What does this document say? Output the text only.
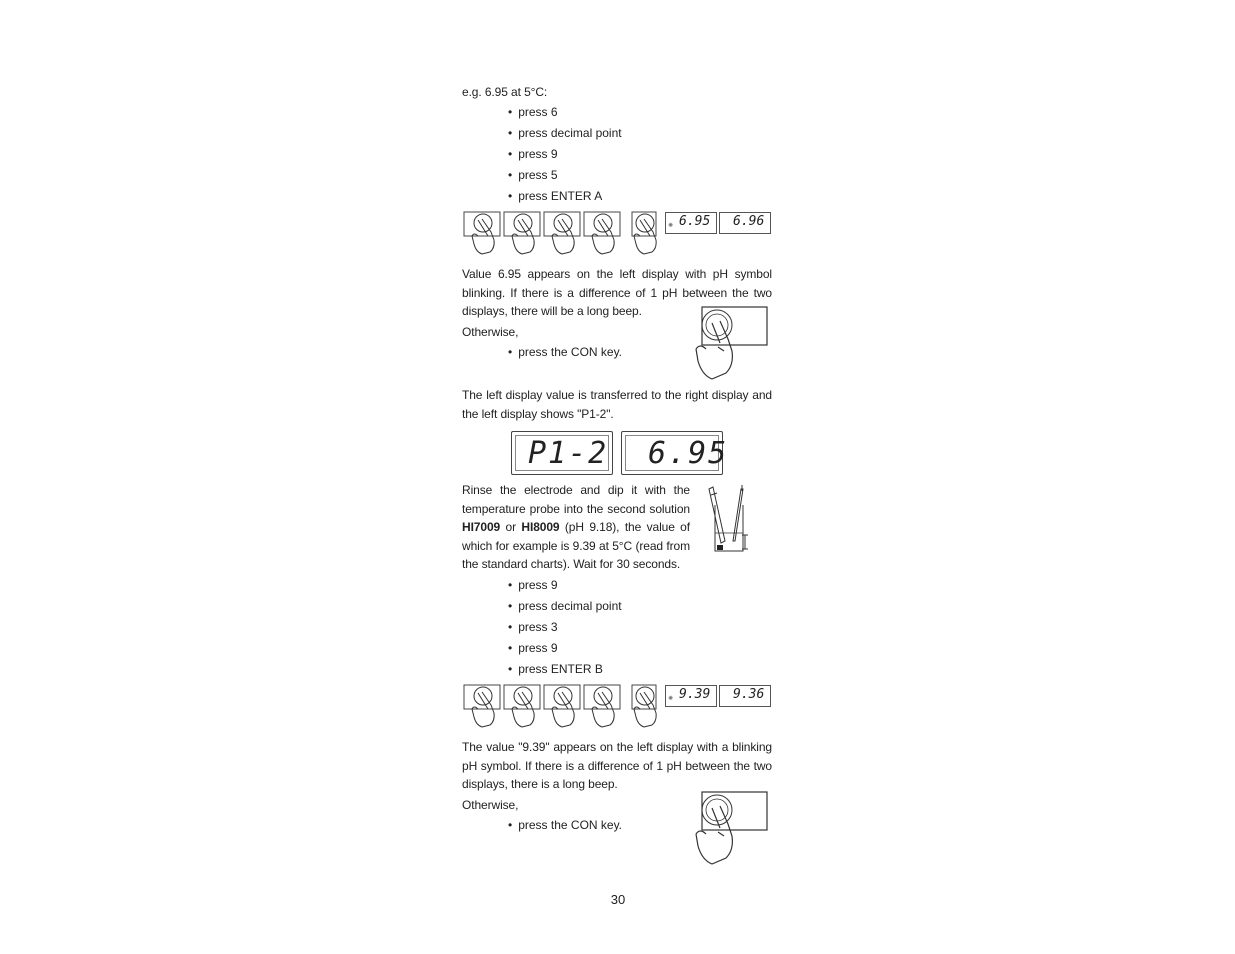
e.g. 6.95 at 5°C:
• press 6
• press decimal point
• press 9
• press 5
• press ENTER A
✺ 6.95 6.96
Value 6.95 appears on the left display with pH symbol blinking. If there is a difference of 1 pH between the two displays, there will be a long beep.
Otherwise,
• press the CON key.
The left display value is transferred to the right display and the left display shows "P1-2".
P1-2 6.95
Rinse the electrode and dip it with the temperature probe into the second solution HI7009 or HI8009 (pH 9.18), the value of which for example is 9.39 at 5°C (read from the standard charts). Wait for 30 seconds.
• press 9
• press decimal point
• press 3
• press 9
• press ENTER B
✺ 9.39 9.36
The value "9.39" appears on the left display with a blinking pH symbol. If there is a difference of 1 pH between the two displays, there is a long beep.
Otherwise,
• press the CON key.
30
